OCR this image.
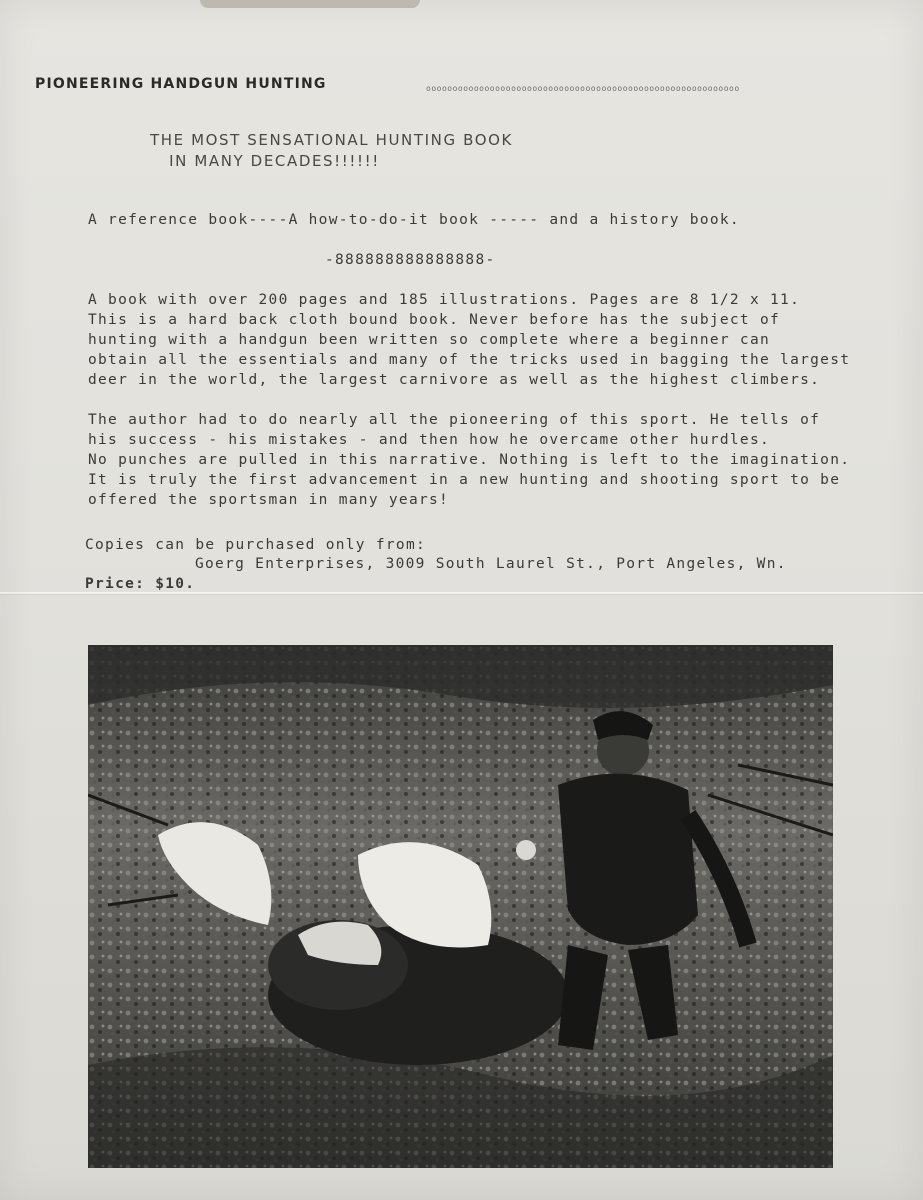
PIONEERING HANDGUN HUNTING	ooooooooooooooooooooooooooooooooooooooooooooooooooooooooooo
THE MOST SENSATIONAL HUNTING BOOK
IN MANY DECADES!!!!!!
A reference book----A how-to-do-it book ----- and a history book.
-888888888888888-
A book with over 200 pages and 185 illustrations. Pages are 8 1/2 x 11.
This is a hard back cloth bound book. Never before has the subject of
hunting with a handgun been written so complete where a beginner can
obtain all the essentials and many of the tricks used in bagging the largest
deer in the world, the largest carnivore as well as the highest climbers.
The author had to do nearly all the pioneering of this sport. He tells of
his success - his mistakes - and then how he overcame other hurdles.
No punches are pulled in this narrative. Nothing is left to the imagination.
It is truly the first advancement in a new hunting and shooting sport to be
offered the sportsman in many years!
Copies can be purchased only from:
Goerg Enterprises, 3009 South Laurel St., Port Angeles, Wn.
Price: $10.
